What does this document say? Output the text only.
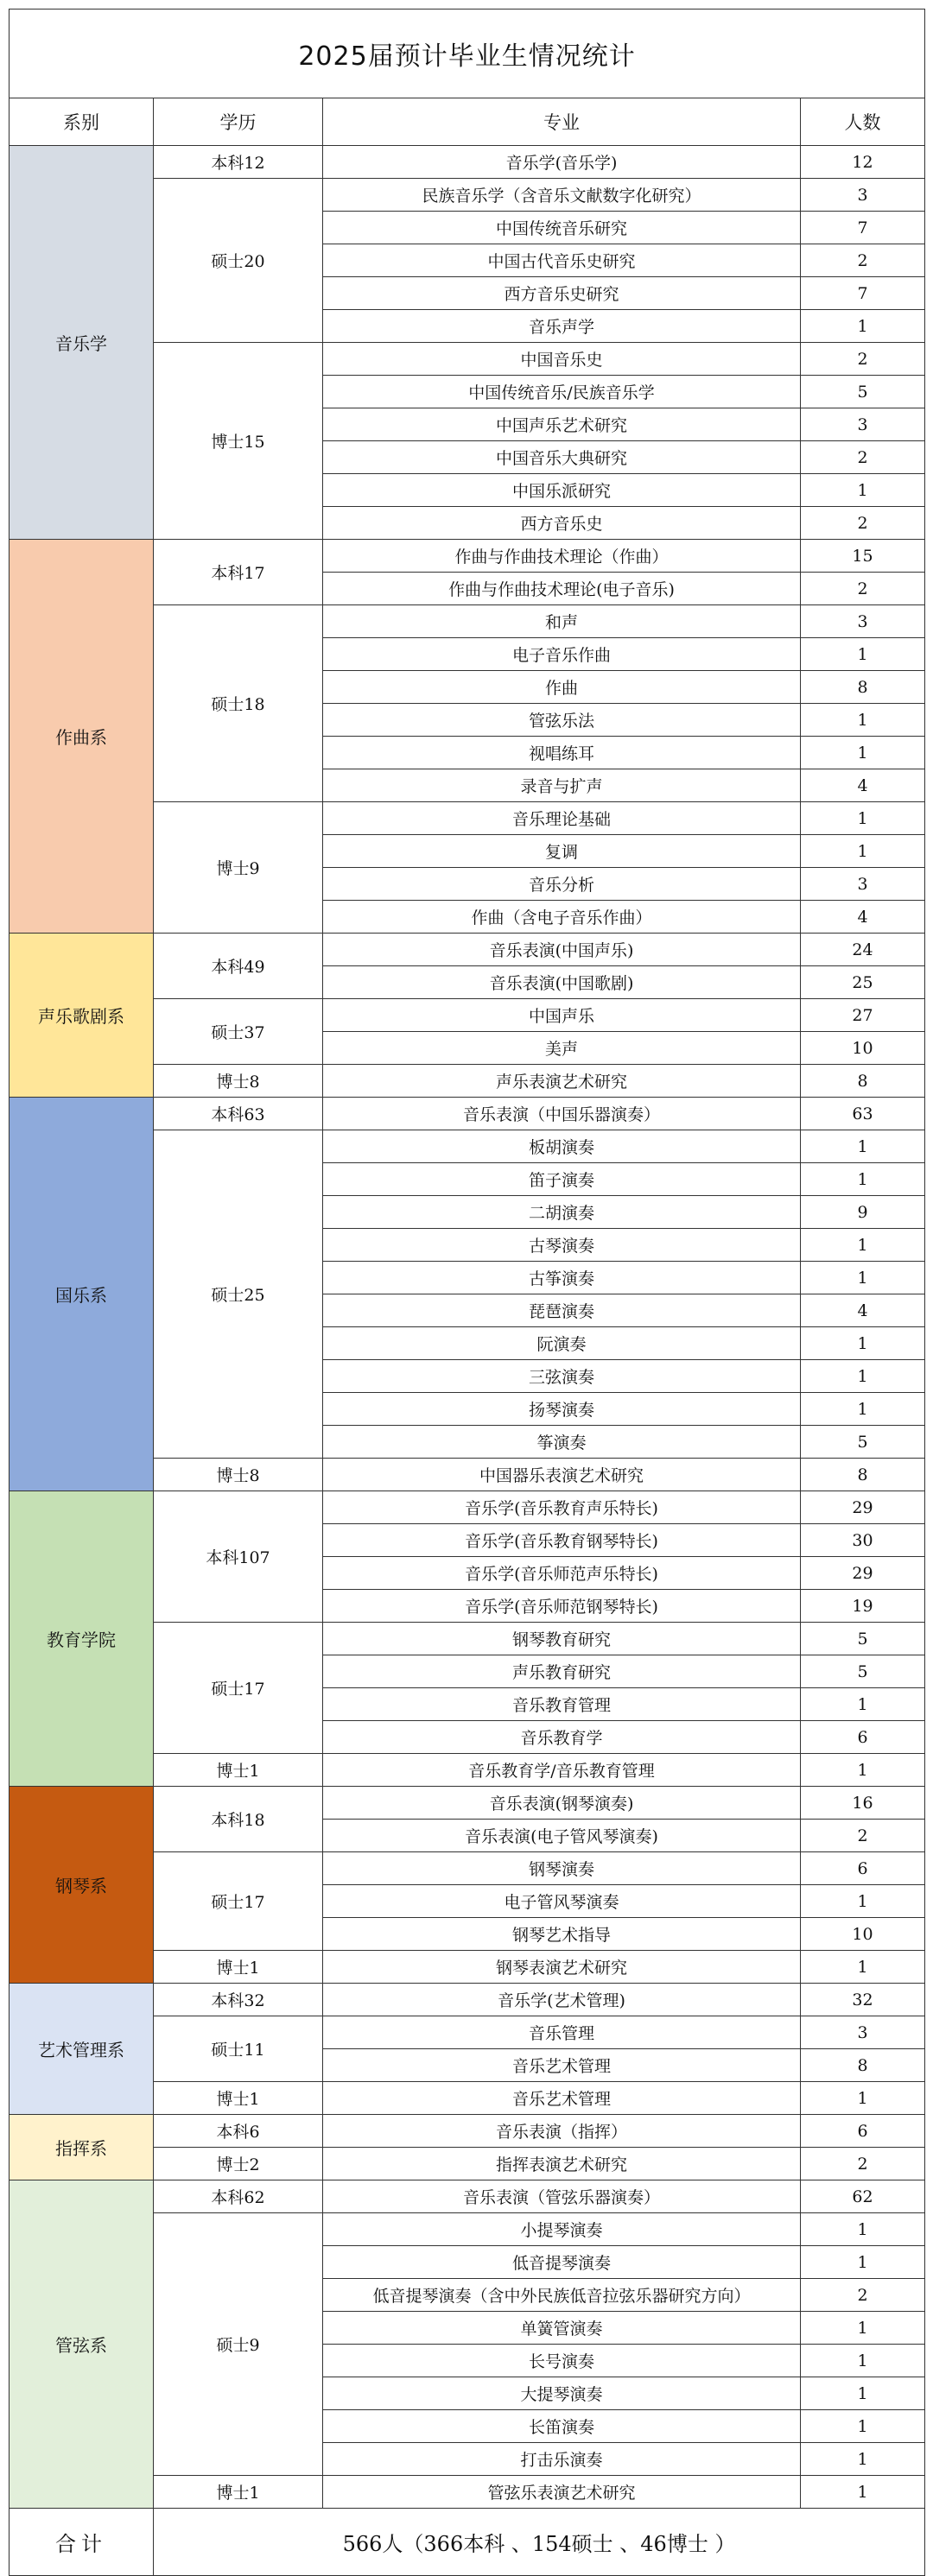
2025届预计毕业生情况统计			
系别	学历	专业	人数
音乐学	本科12	音乐学(音乐学)	12
	硕士20	民族音乐学（含音乐文献数字化研究）	3
		中国传统音乐研究	7
		中国古代音乐史研究	2
		西方音乐史研究	7
		音乐声学	1
	博士15	中国音乐史	2
		中国传统音乐/民族音乐学	5
		中国声乐艺术研究	3
		中国音乐大典研究	2
		中国乐派研究	1
		西方音乐史	2
作曲系	本科17	作曲与作曲技术理论（作曲）	15
		作曲与作曲技术理论(电子音乐)	2
	硕士18	和声	3
		电子音乐作曲	1
		作曲	8
		管弦乐法	1
		视唱练耳	1
		录音与扩声	4
	博士9	音乐理论基础	1
		复调	1
		音乐分析	3
		作曲（含电子音乐作曲）	4
声乐歌剧系	本科49	音乐表演(中国声乐)	24
		音乐表演(中国歌剧)	25
	硕士37	中国声乐	27
		美声	10
	博士8	声乐表演艺术研究	8
国乐系	本科63	音乐表演（中国乐器演奏）	63
	硕士25	板胡演奏	1
		笛子演奏	1
		二胡演奏	9
		古琴演奏	1
		古筝演奏	1
		琵琶演奏	4
		阮演奏	1
		三弦演奏	1
		扬琴演奏	1
		筝演奏	5
	博士8	中国器乐表演艺术研究	8
教育学院	本科107	音乐学(音乐教育声乐特长)	29
		音乐学(音乐教育钢琴特长)	30
		音乐学(音乐师范声乐特长)	29
		音乐学(音乐师范钢琴特长)	19
	硕士17	钢琴教育研究	5
		声乐教育研究	5
		音乐教育管理	1
		音乐教育学	6
	博士1	音乐教育学/音乐教育管理	1
钢琴系	本科18	音乐表演(钢琴演奏)	16
		音乐表演(电子管风琴演奏)	2
	硕士17	钢琴演奏	6
		电子管风琴演奏	1
		钢琴艺术指导	10
	博士1	钢琴表演艺术研究	1
艺术管理系	本科32	音乐学(艺术管理)	32
	硕士11	音乐管理	3
		音乐艺术管理	8
	博士1	音乐艺术管理	1
指挥系	本科6	音乐表演（指挥）	6
	博士2	指挥表演艺术研究	2
管弦系	本科62	音乐表演（管弦乐器演奏）	62
	硕士9	小提琴演奏	1
		低音提琴演奏	1
		低音提琴演奏（含中外民族低音拉弦乐器研究方向）	2
		单簧管演奏	1
		长号演奏	1
		大提琴演奏	1
		长笛演奏	1
		打击乐演奏	1
	博士1	管弦乐表演艺术研究	1
合计	566人（366本科 、154硕士 、46博士 ）		
